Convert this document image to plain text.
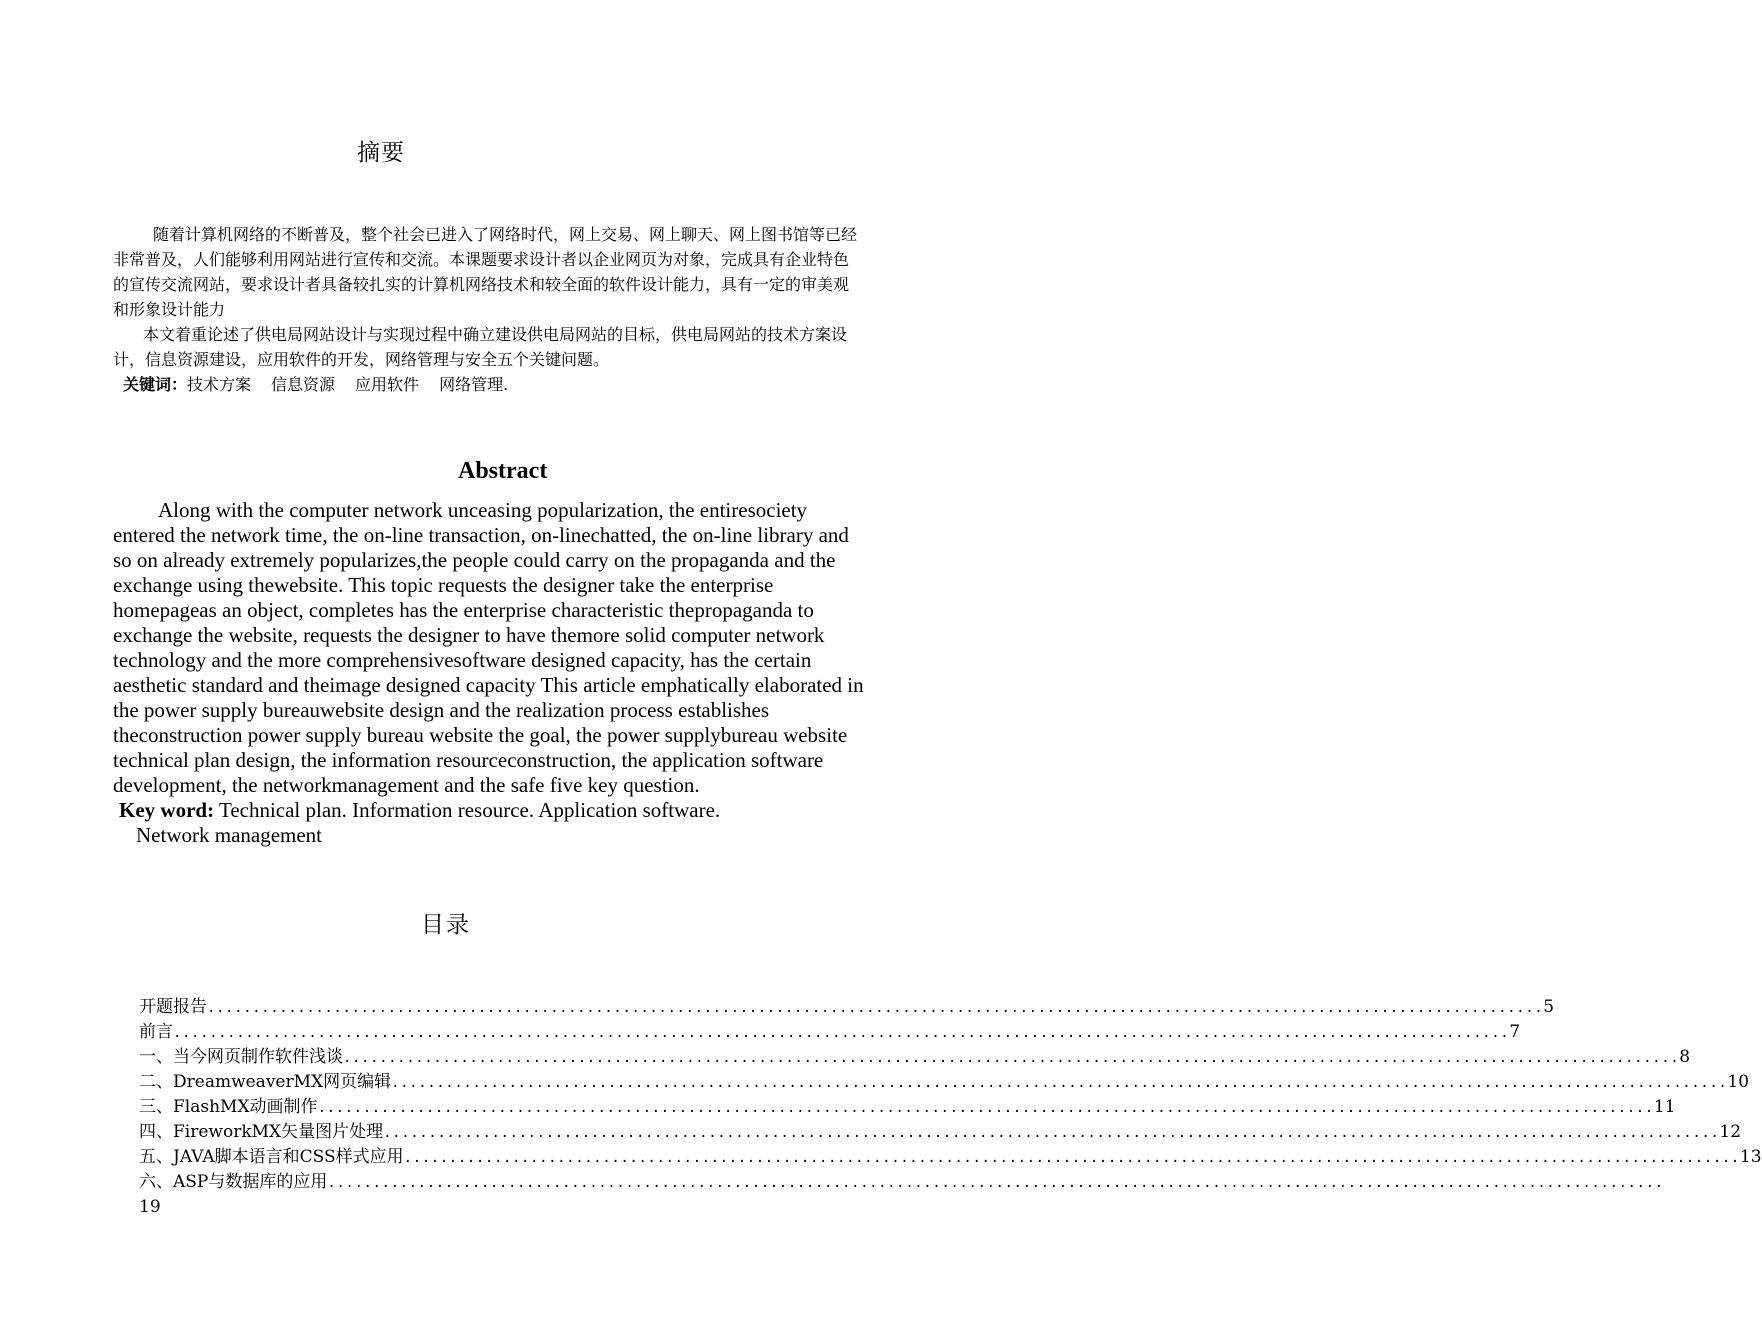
摘要

随着计算机网络的不断普及，整个社会已进入了网络时代，网上交易、网上聊天、网上图书馆等已经非常普及，人们能够利用网站进行宣传和交流。本课题要求设计者以企业网页为对象，完成具有企业特色的宣传交流网站，要求设计者具备较扎实的计算机网络技术和较全面的软件设计能力，具有一定的审美观和形象设计能力

本文着重论述了供电局网站设计与实现过程中确立建设供电局网站的目标，供电局网站的技术方案设计，信息资源建设，应用软件的开发，网络管理与安全五个关键问题。

关键词：技术方案 信息资源 应用软件 网络管理.

Abstract

Along with the computer network unceasing popularization, the entiresociety entered the network time, the on-line transaction, on-linechatted, the on-line library and so on already extremely popularizes,the people could carry on the propaganda and the exchange using thewebsite. This topic requests the designer take the enterprise homepageas an object, completes has the enterprise characteristic thepropaganda to exchange the website, requests the designer to have themore solid computer network technology and the more comprehensivesoftware designed capacity, has the certain aesthetic standard and theimage designed capacity This article emphatically elaborated in the power supply bureauwebsite design and the realization process establishes theconstruction power supply bureau website the goal, the power supplybureau website technical plan design, the information resourceconstruction, the application software development, the networkmanagement and the safe five key question.

Key word: Technical plan. Information resource. Application software.
Network management

目录
开题报告 .................................................................................................................................................... 5
前言 .................................................................................................................................................... 7
一、当今网页制作软件浅谈 .................................................................................................................................................... 8
二、DreamweaverMX网页编辑 .................................................................................................................................................... 10
三、FlashMX动画制作 .................................................................................................................................................... 11
四、FireworkMX矢量图片处理 .................................................................................................................................................... 12
五、JAVA脚本语言和CSS样式应用 .................................................................................................................................................... 13
六、ASP与数据库的应用 ....................................................................................................................................................
19
